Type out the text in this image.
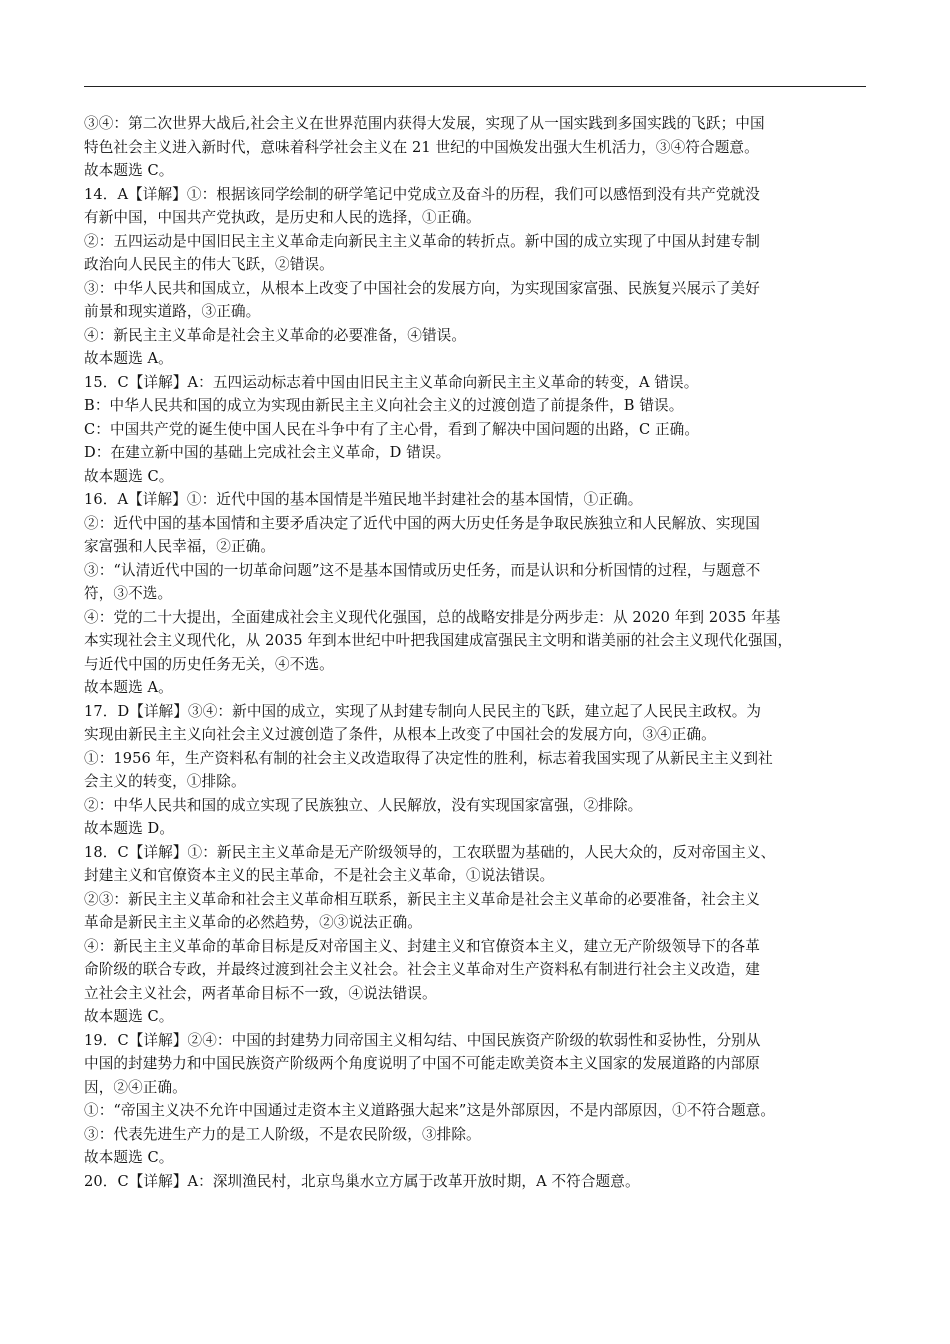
③④：第二次世界大战后,社会主义在世界范围内获得大发展，实现了从一国实践到多国实践的飞跃；中国
特色社会主义进入新时代，意味着科学社会主义在 21 世纪的中国焕发出强大生机活力，③④符合题意。
故本题选 C。
14．A【详解】①：根据该同学绘制的研学笔记中党成立及奋斗的历程，我们可以感悟到没有共产党就没
有新中国，中国共产党执政，是历史和人民的选择，①正确。
②：五四运动是中国旧民主主义革命走向新民主主义革命的转折点。新中国的成立实现了中国从封建专制
政治向人民民主的伟大飞跃，②错误。
③：中华人民共和国成立，从根本上改变了中国社会的发展方向，为实现国家富强、民族复兴展示了美好
前景和现实道路，③正确。
④：新民主主义革命是社会主义革命的必要准备，④错误。
故本题选 A。
15．C【详解】A：五四运动标志着中国由旧民主主义革命向新民主主义革命的转变，A 错误。
B：中华人民共和国的成立为实现由新民主主义向社会主义的过渡创造了前提条件，B 错误。
C：中国共产党的诞生使中国人民在斗争中有了主心骨，看到了解决中国问题的出路，C 正确。
D：在建立新中国的基础上完成社会主义革命，D 错误。
故本题选 C。
16．A【详解】①：近代中国的基本国情是半殖民地半封建社会的基本国情，①正确。
②：近代中国的基本国情和主要矛盾决定了近代中国的两大历史任务是争取民族独立和人民解放、实现国
家富强和人民幸福，②正确。
③：“认清近代中国的一切革命问题”这不是基本国情或历史任务，而是认识和分析国情的过程，与题意不
符，③不选。
④：党的二十大提出，全面建成社会主义现代化强国，总的战略安排是分两步走：从 2020 年到 2035 年基
本实现社会主义现代化，从 2035 年到本世纪中叶把我国建成富强民主文明和谐美丽的社会主义现代化强国，
与近代中国的历史任务无关，④不选。
故本题选 A。
17．D【详解】③④：新中国的成立，实现了从封建专制向人民民主的飞跃，建立起了人民民主政权。为
实现由新民主主义向社会主义过渡创造了条件，从根本上改变了中国社会的发展方向，③④正确。
①：1956 年，生产资料私有制的社会主义改造取得了决定性的胜利，标志着我国实现了从新民主主义到社
会主义的转变，①排除。
②：中华人民共和国的成立实现了民族独立、人民解放，没有实现国家富强，②排除。
故本题选 D。
18．C【详解】①：新民主主义革命是无产阶级领导的，工农联盟为基础的，人民大众的，反对帝国主义、
封建主义和官僚资本主义的民主革命，不是社会主义革命，①说法错误。
②③：新民主主义革命和社会主义革命相互联系，新民主主义革命是社会主义革命的必要准备，社会主义
革命是新民主主义革命的必然趋势，②③说法正确。
④：新民主主义革命的革命目标是反对帝国主义、封建主义和官僚资本主义，建立无产阶级领导下的各革
命阶级的联合专政，并最终过渡到社会主义社会。社会主义革命对生产资料私有制进行社会主义改造，建
立社会主义社会，两者革命目标不一致，④说法错误。
故本题选 C。
19．C【详解】②④：中国的封建势力同帝国主义相勾结、中国民族资产阶级的软弱性和妥协性，分别从
中国的封建势力和中国民族资产阶级两个角度说明了中国不可能走欧美资本主义国家的发展道路的内部原
因，②④正确。
①：“帝国主义决不允许中国通过走资本主义道路强大起来”这是外部原因，不是内部原因，①不符合题意。
③：代表先进生产力的是工人阶级，不是农民阶级，③排除。
故本题选 C。
20．C【详解】A：深圳渔民村，北京鸟巢水立方属于改革开放时期，A 不符合题意。
